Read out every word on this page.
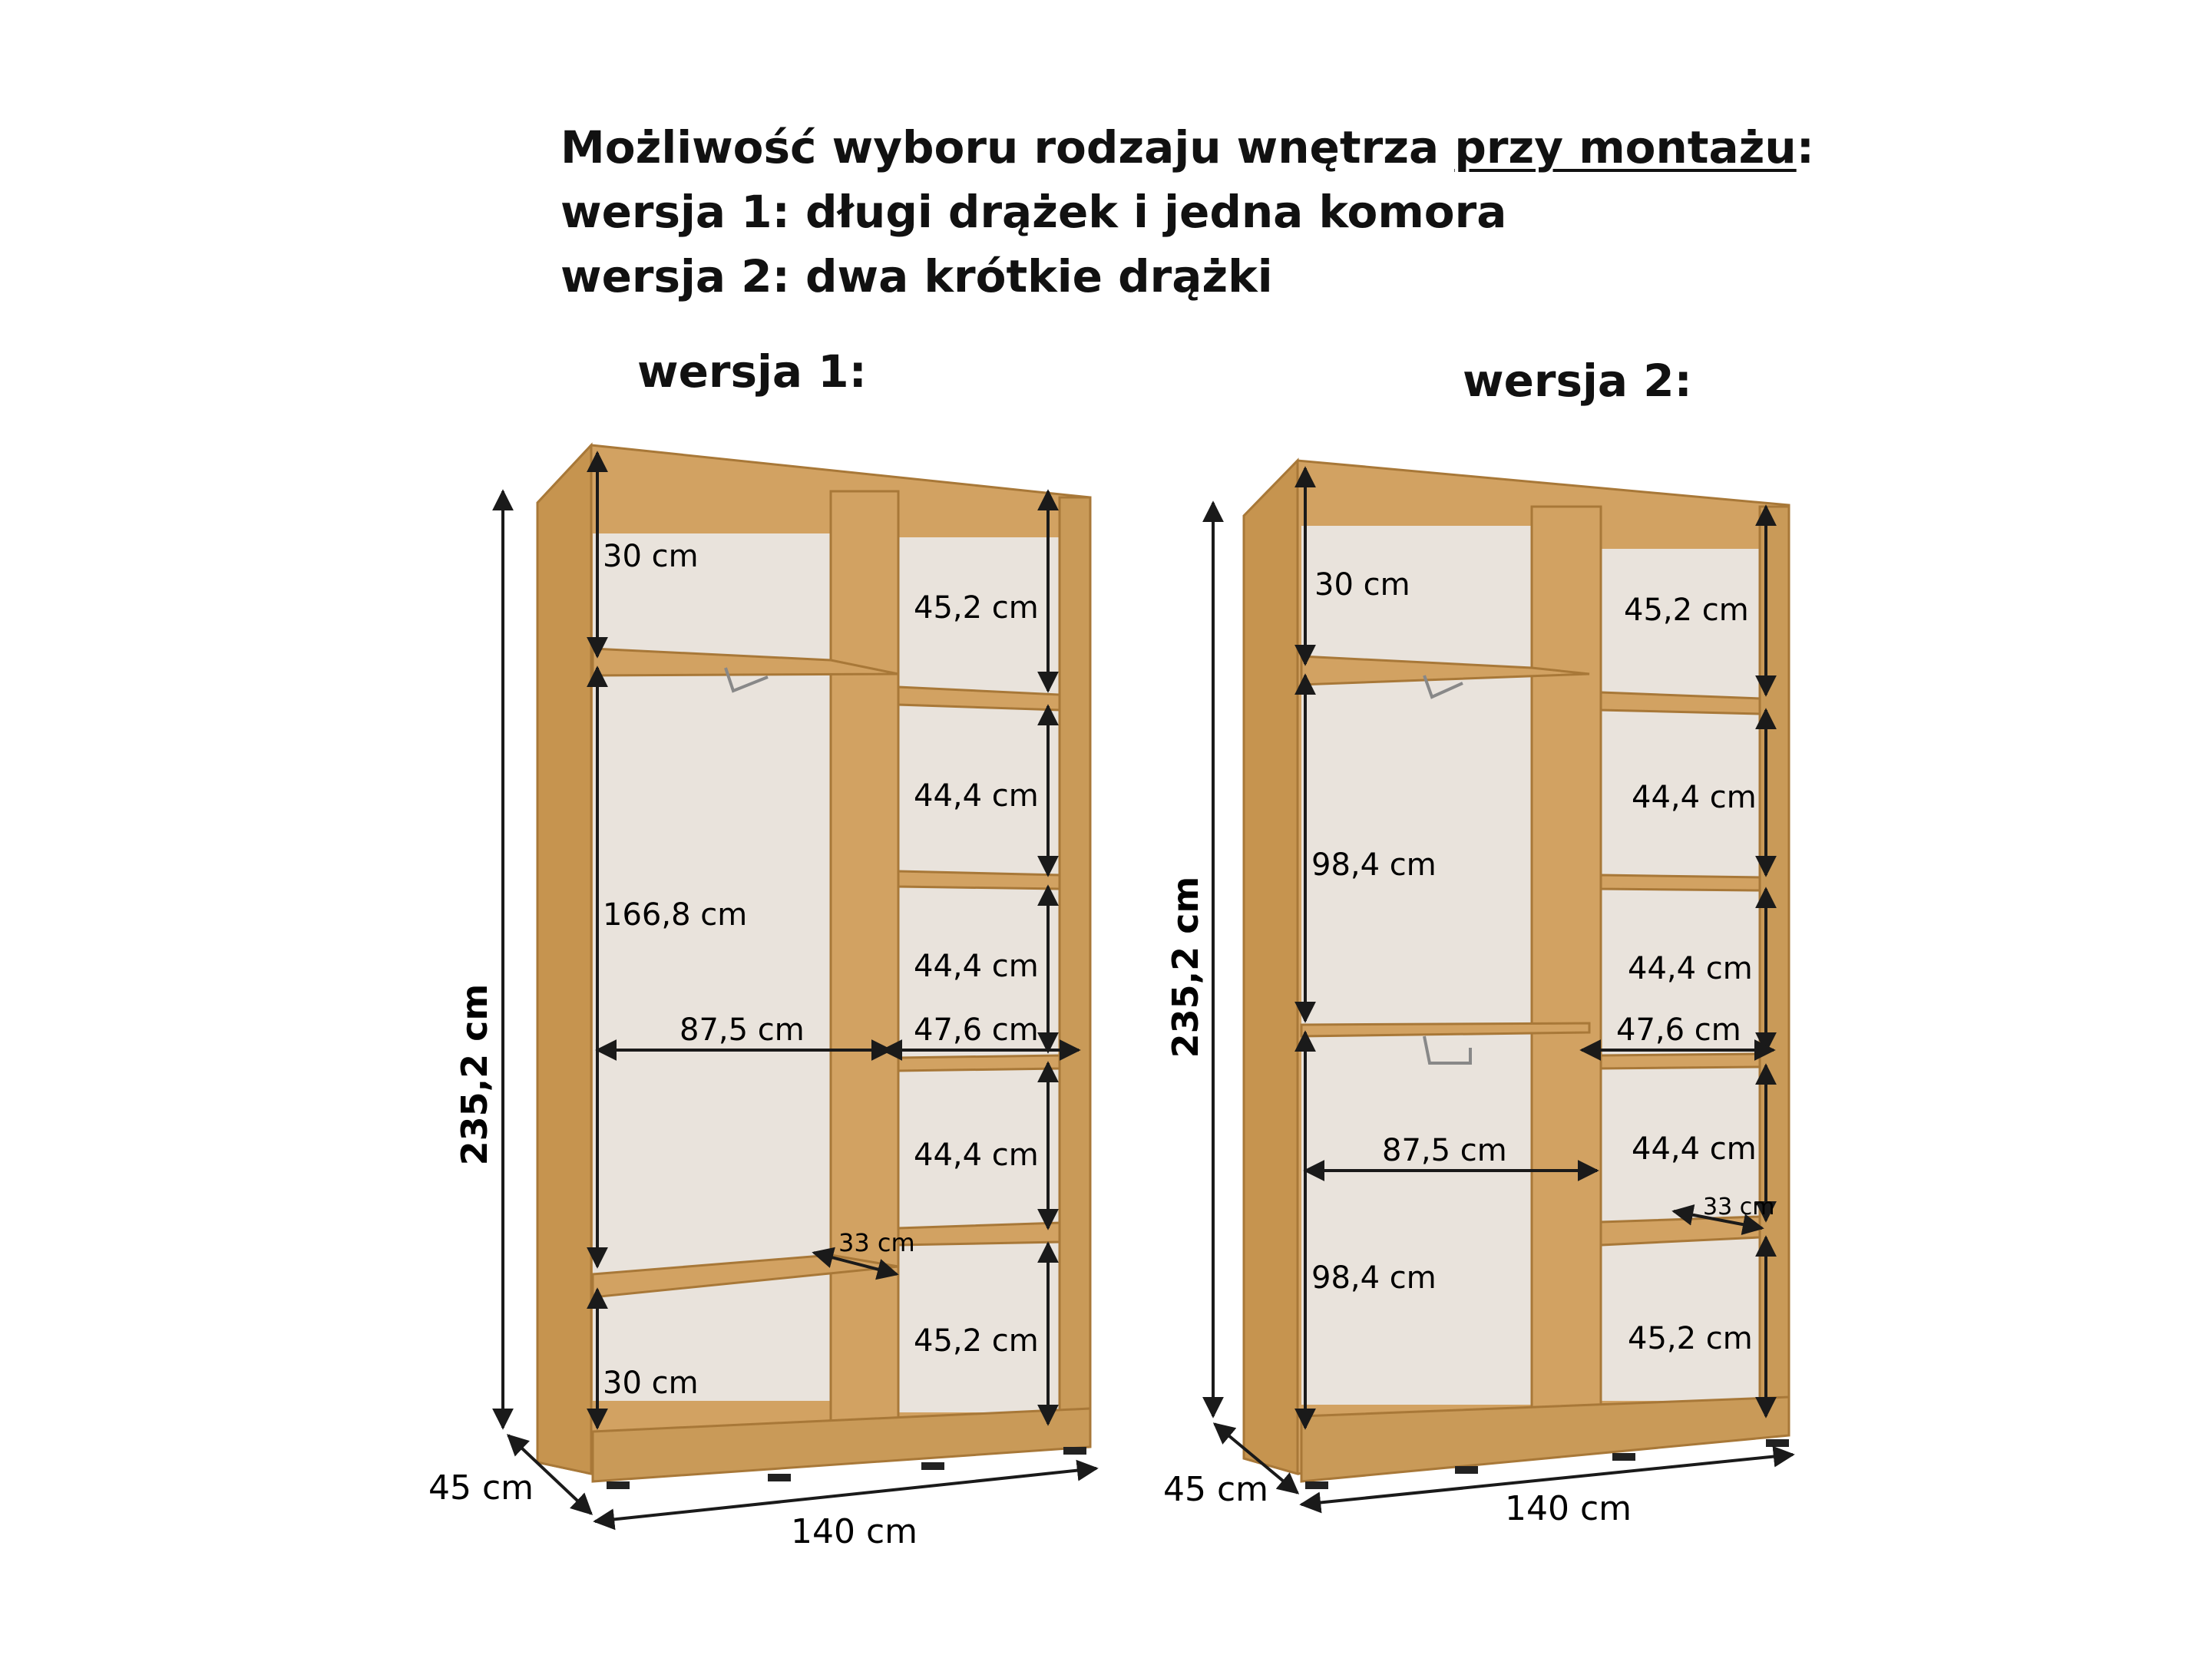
Możliwość wyboru rodzaju wnętrza przy montażu:
wersja 1: długi drążek i jedna komora
wersja 2: dwa krótkie drążki
wersja 1:	wersja 2:
235,2 cm
30 cm
166,8 cm
87,5 cm
30 cm
45,2 cm
44,4 cm
44,4 cm
47,6 cm
44,4 cm
33 cm
45,2 cm
45 cm
140 cm
235,2 cm
30 cm
98,4 cm
87,5 cm
98,4 cm
45,2 cm
44,4 cm
44,4 cm
47,6 cm
44,4 cm
33 cm
45,2 cm
45 cm	140 cm
